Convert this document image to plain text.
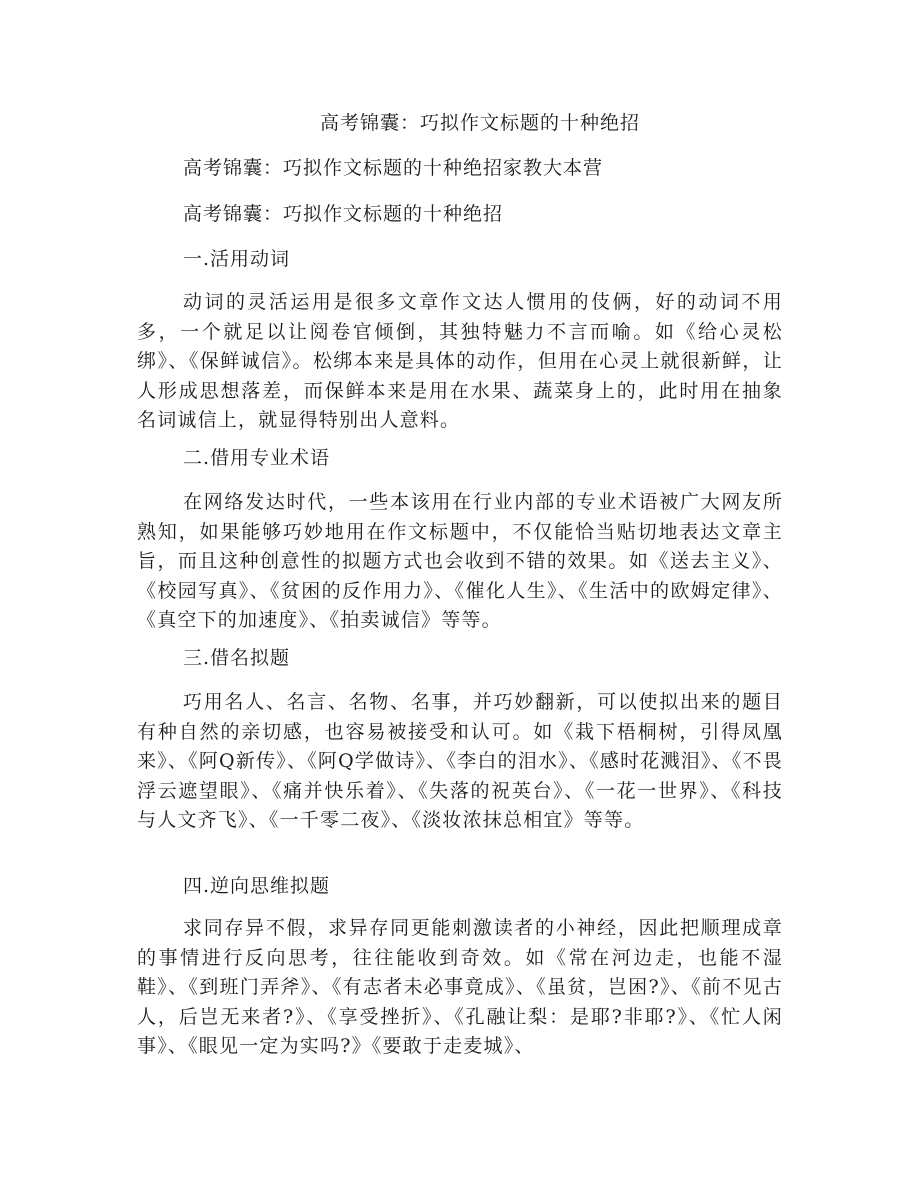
高考锦囊：巧拟作文标题的十种绝招
高考锦囊：巧拟作文标题的十种绝招家教大本营
高考锦囊：巧拟作文标题的十种绝招
一.活用动词

动词的灵活运用是很多文章作文达人惯用的伎俩，好的动词不用多，一个就足以让阅卷官倾倒，其独特魅力不言而喻。如《给心灵松绑》、《保鲜诚信》。松绑本来是具体的动作，但用在心灵上就很新鲜，让人形成思想落差，而保鲜本来是用在水果、蔬菜身上的，此时用在抽象名词诚信上，就显得特别出人意料。

二.借用专业术语

在网络发达时代，一些本该用在行业内部的专业术语被广大网友所熟知，如果能够巧妙地用在作文标题中，不仅能恰当贴切地表达文章主旨，而且这种创意性的拟题方式也会收到不错的效果。如《送去主义》、《校园写真》、《贫困的反作用力》、《催化人生》、《生活中的欧姆定律》、《真空下的加速度》、《拍卖诚信》等等。

三.借名拟题

巧用名人、名言、名物、名事，并巧妙翻新，可以使拟出来的题目有种自然的亲切感，也容易被接受和认可。如《栽下梧桐树，引得凤凰来》、《阿Q新传》、《阿Q学做诗》、《李白的泪水》、《感时花溅泪》、《不畏浮云遮望眼》、《痛并快乐着》、《失落的祝英台》、《一花一世界》、《科技与人文齐飞》、《一千零二夜》、《淡妆浓抹总相宜》等等。

四.逆向思维拟题

求同存异不假，求异存同更能刺激读者的小神经，因此把顺理成章的事情进行反向思考，往往能收到奇效。如《常在河边走，也能不湿鞋》、《到班门弄斧》、《有志者未必事竟成》、《虽贫，岂困?》、《前不见古人，后岂无来者?》、《享受挫折》、《孔融让梨：是耶?非耶?》、《忙人闲事》、《眼见一定为实吗?》《要敢于走麦城》、
